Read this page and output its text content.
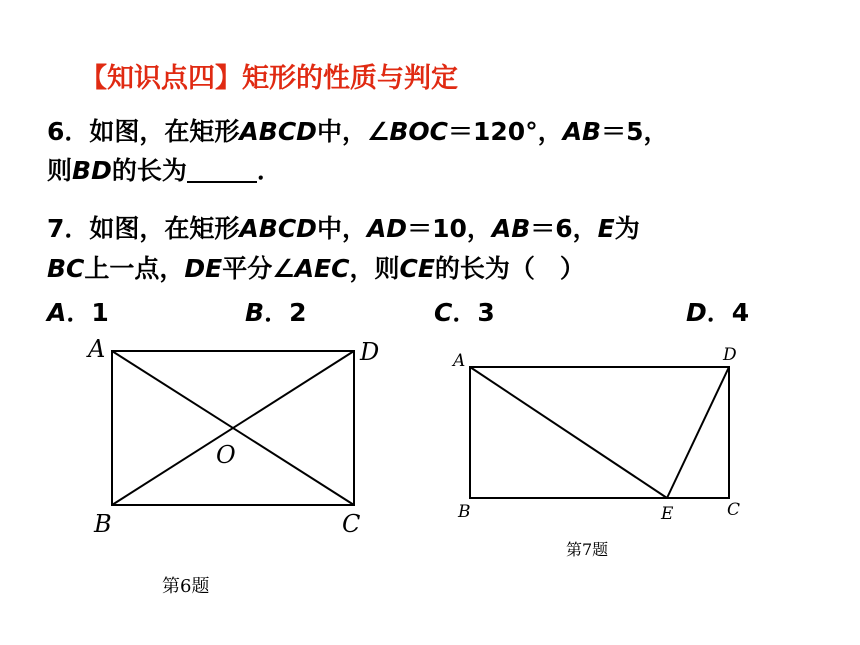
【知识点四】矩形的性质与判定
6．如图，在矩形ABCD中，∠BOC＝120°，AB＝5，
则BD的长为	．
7．如图，在矩形ABCD中，AD＝10，AB＝6，E为
BC上一点，DE平分∠AEC，则CE的长为（　）
A．1	B．2	C．3	D．4
A	D
B	C
O
第6题
A	D
B	E	C
第7题
